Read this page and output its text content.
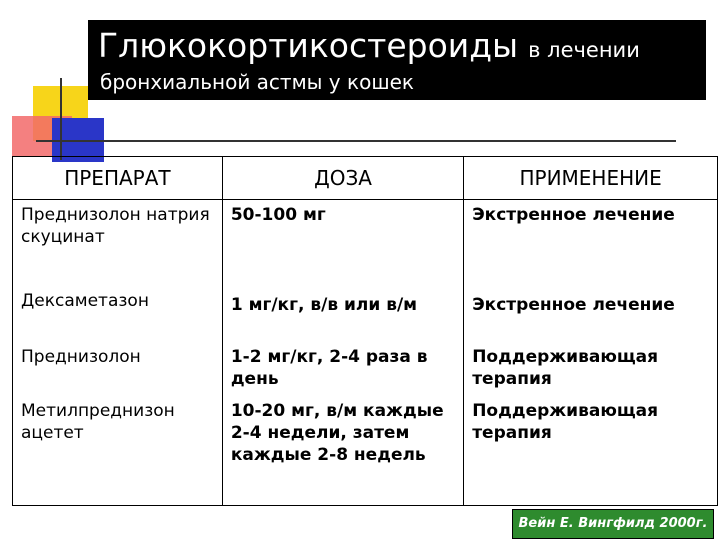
Глюкокортикостероиды в лечении
бронхиальной астмы у кошек
ПРЕПАРАТ	ДОЗА	ПРИМЕНЕНИЕ
Преднизолон натрия скуцинат	50-100 мг	Экстренное лечение
Дексаметазон	1 мг/кг, в/в или в/м	Экстренное лечение
Преднизолон	1-2 мг/кг, 2-4 раза в день	Поддерживающая терапия
Метилпреднизон ацетет	10-20 мг, в/м каждые 2-4 недели, затем каждые 2-8 недель	Поддерживающая терапия
Вейн Е. Вингфилд 2000г.
